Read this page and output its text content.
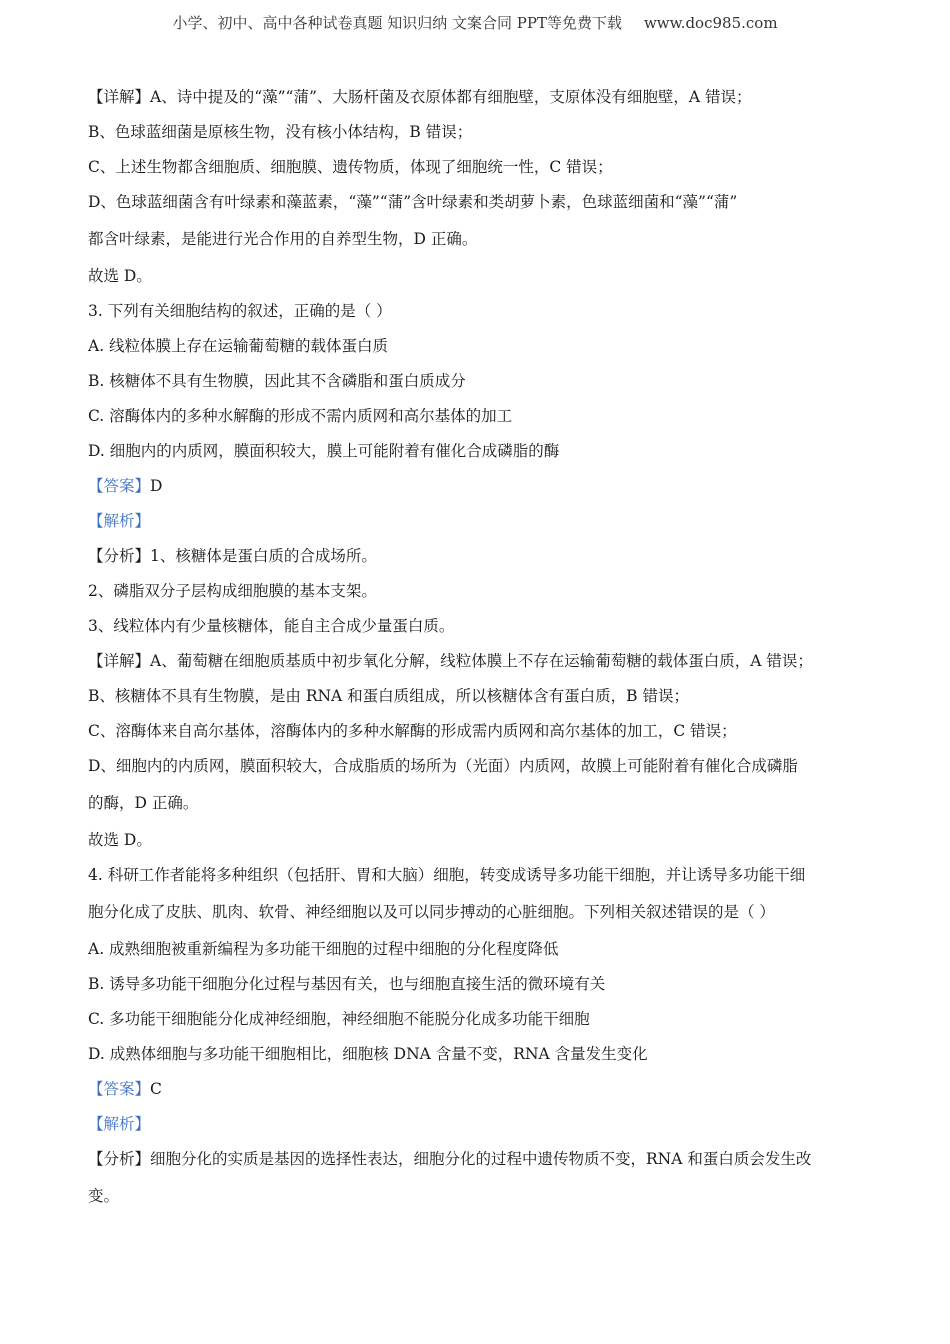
小学、初中、高中各种试卷真题 知识归纳 文案合同 PPT等免费下载 www.doc985.com
【详解】A、诗中提及的“藻”“蒲”、大肠杆菌及衣原体都有细胞壁，支原体没有细胞壁，A 错误；
B、色球蓝细菌是原核生物，没有核小体结构，B 错误；
C、上述生物都含细胞质、细胞膜、遗传物质，体现了细胞统一性，C 错误；
D、色球蓝细菌含有叶绿素和藻蓝素，“藻”“蒲”含叶绿素和类胡萝卜素，色球蓝细菌和“藻”“蒲”
都含叶绿素，是能进行光合作用的自养型生物，D 正确。
故选 D。
3. 下列有关细胞结构的叙述，正确的是（ ）
A. 线粒体膜上存在运输葡萄糖的载体蛋白质
B. 核糖体不具有生物膜，因此其不含磷脂和蛋白质成分
C. 溶酶体内的多种水解酶的形成不需内质网和高尔基体的加工
D. 细胞内的内质网，膜面积较大，膜上可能附着有催化合成磷脂的酶
【答案】D
【解析】
【分析】1、核糖体是蛋白质的合成场所。
2、磷脂双分子层构成细胞膜的基本支架。
3、线粒体内有少量核糖体，能自主合成少量蛋白质。
【详解】A、葡萄糖在细胞质基质中初步氧化分解，线粒体膜上不存在运输葡萄糖的载体蛋白质，A 错误；
B、核糖体不具有生物膜，是由 RNA 和蛋白质组成，所以核糖体含有蛋白质，B 错误；
C、溶酶体来自高尔基体，溶酶体内的多种水解酶的形成需内质网和高尔基体的加工，C 错误；
D、细胞内的内质网，膜面积较大，合成脂质的场所为（光面）内质网，故膜上可能附着有催化合成磷脂
的酶，D 正确。
故选 D。
4. 科研工作者能将多种组织（包括肝、胃和大脑）细胞，转变成诱导多功能干细胞，并让诱导多功能干细
胞分化成了皮肤、肌肉、软骨、神经细胞以及可以同步搏动的心脏细胞。下列相关叙述错误的是（ ）
A. 成熟细胞被重新编程为多功能干细胞的过程中细胞的分化程度降低
B. 诱导多功能干细胞分化过程与基因有关，也与细胞直接生活的微环境有关
C. 多功能干细胞能分化成神经细胞，神经细胞不能脱分化成多功能干细胞
D. 成熟体细胞与多功能干细胞相比，细胞核 DNA 含量不变，RNA 含量发生变化
【答案】C
【解析】
【分析】细胞分化的实质是基因的选择性表达，细胞分化的过程中遗传物质不变，RNA 和蛋白质会发生改
变。
